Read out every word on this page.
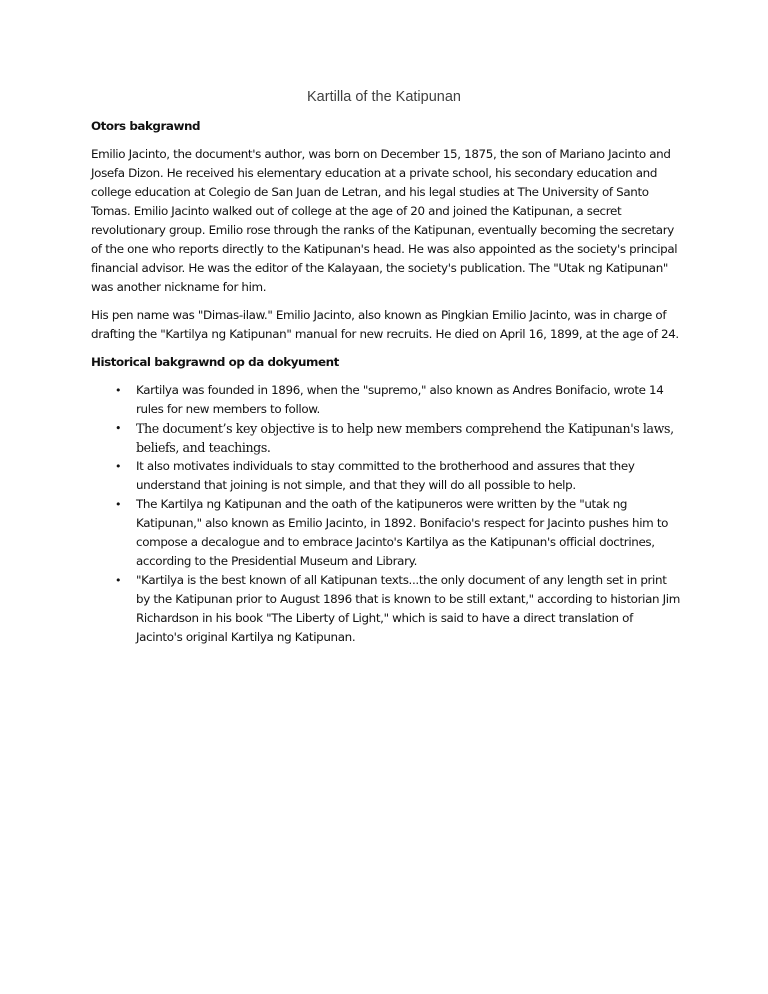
Kartilla of the Katipunan

Otors bakgrawnd

Emilio Jacinto, the document's author, was born on December 15, 1875, the son of Mariano Jacinto and Josefa Dizon. He received his elementary education at a private school, his secondary education and college education at Colegio de San Juan de Letran, and his legal studies at The University of Santo Tomas. Emilio Jacinto walked out of college at the age of 20 and joined the Katipunan, a secret revolutionary group. Emilio rose through the ranks of the Katipunan, eventually becoming the secretary of the one who reports directly to the Katipunan's head. He was also appointed as the society's principal financial advisor. He was the editor of the Kalayaan, the society's publication. The "Utak ng Katipunan" was another nickname for him.

His pen name was "Dimas-ilaw." Emilio Jacinto, also known as Pingkian Emilio Jacinto, was in charge of drafting the "Kartilya ng Katipunan" manual for new recruits. He died on April 16, 1899, at the age of 24.

Historical bakgrawnd op da dokyument

• Kartilya was founded in 1896, when the "supremo," also known as Andres Bonifacio, wrote 14 rules for new members to follow.
• The document’s key objective is to help new members comprehend the Katipunan's laws, beliefs, and teachings.
• It also motivates individuals to stay committed to the brotherhood and assures that they understand that joining is not simple, and that they will do all possible to help.
• The Kartilya ng Katipunan and the oath of the katipuneros were written by the "utak ng Katipunan," also known as Emilio Jacinto, in 1892. Bonifacio's respect for Jacinto pushes him to compose a decalogue and to embrace Jacinto's Kartilya as the Katipunan's official doctrines, according to the Presidential Museum and Library.
• "Kartilya is the best known of all Katipunan texts...the only document of any length set in print by the Katipunan prior to August 1896 that is known to be still extant," according to historian Jim Richardson in his book "The Liberty of Light," which is said to have a direct translation of Jacinto's original Kartilya ng Katipunan.
